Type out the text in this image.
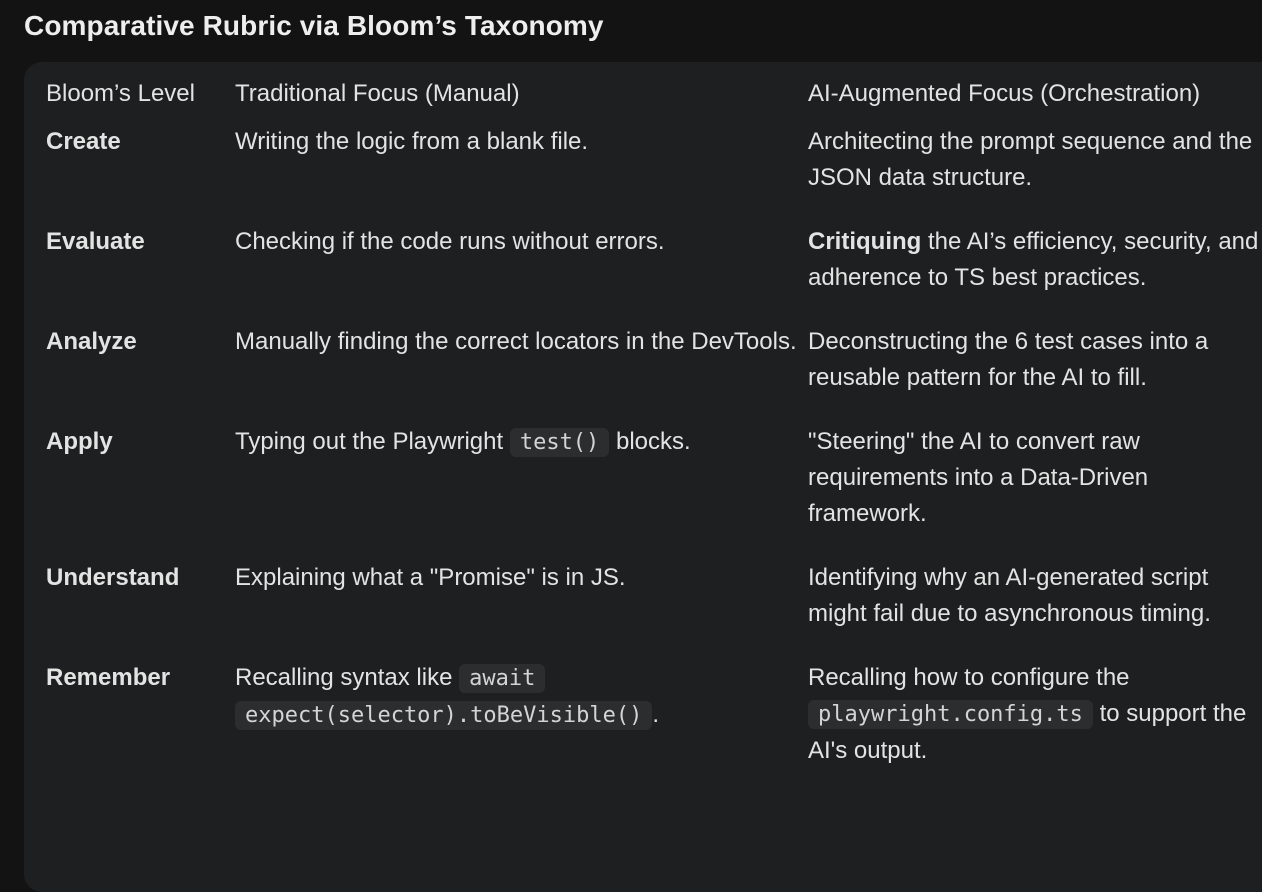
Comparative Rubric via Bloom’s Taxonomy
Bloom’s Level	Traditional Focus (Manual)	AI-Augmented Focus (Orchestration)
Create	Writing the logic from a blank file.	Architecting the prompt sequence and the JSON data structure.
Evaluate	Checking if the code runs without errors.	Critiquing the AI’s efficiency, security, and adherence to TS best practices.
Analyze	Manually finding the correct locators in the DevTools.	Deconstructing the 6 test cases into a reusable pattern for the AI to fill.
Apply	Typing out the Playwright test() blocks.	"Steering" the AI to convert raw requirements into a Data-Driven framework.
Understand	Explaining what a "Promise" is in JS.	Identifying why an AI-generated script might fail due to asynchronous timing.
Remember	Recalling syntax like await expect(selector).toBeVisible() .	Recalling how to configure the playwright.config.ts to support the AI's output.
